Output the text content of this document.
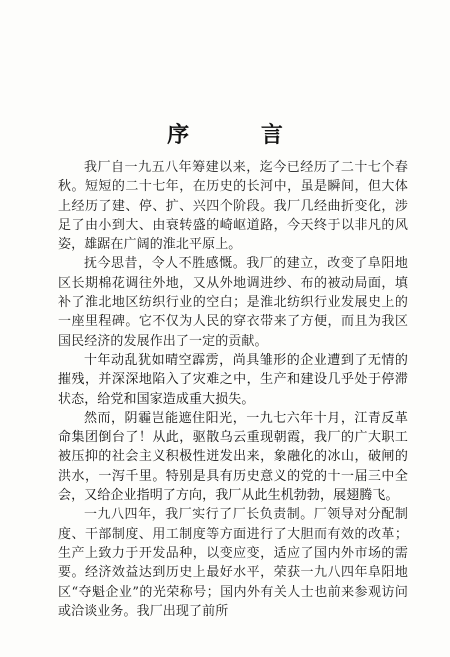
序 言

我厂自一九五八年筹建以来，迄今已经历了二十七个春秋。短短的二十七年，在历史的长河中，虽是瞬间，但大体上经历了建、停、扩、兴四个阶段。我厂几经曲折变化，涉足了由小到大、由衰转盛的崎岖道路，今天终于以非凡的风姿，雄踞在广阔的淮北平原上。

抚今思昔，令人不胜感慨。我厂的建立，改变了阜阳地区长期棉花调往外地，又从外地调进纱、布的被动局面，填补了淮北地区纺织行业的空白；是淮北纺织行业发展史上的一座里程碑。它不仅为人民的穿衣带来了方便，而且为我区国民经济的发展作出了一定的贡献。

十年动乱犹如晴空霹雳，尚具雏形的企业遭到了无情的摧残，并深深地陷入了灾难之中，生产和建设几乎处于停滞状态，给党和国家造成重大损失。

然而，阴霾岂能遮住阳光，一九七六年十月，江青反革命集团倒台了！从此，驱散乌云重现朝霞，我厂的广大职工被压抑的社会主义积极性迸发出来，象融化的冰山，破闸的洪水，一泻千里。特别是具有历史意义的党的十一届三中全会，又给企业指明了方向，我厂从此生机勃勃，展翅腾飞。

一九八四年，我厂实行了厂长负责制。厂领导对分配制度、干部制度、用工制度等方面进行了大胆而有效的改革；生产上致力于开发品种，以变应变，适应了国内外市场的需要。经济效益达到历史上最好水平，荣获一九八四年阜阳地区“夺魁企业”的光荣称号；国内外有关人士也前来参观访问或洽谈业务。我厂出现了前所
